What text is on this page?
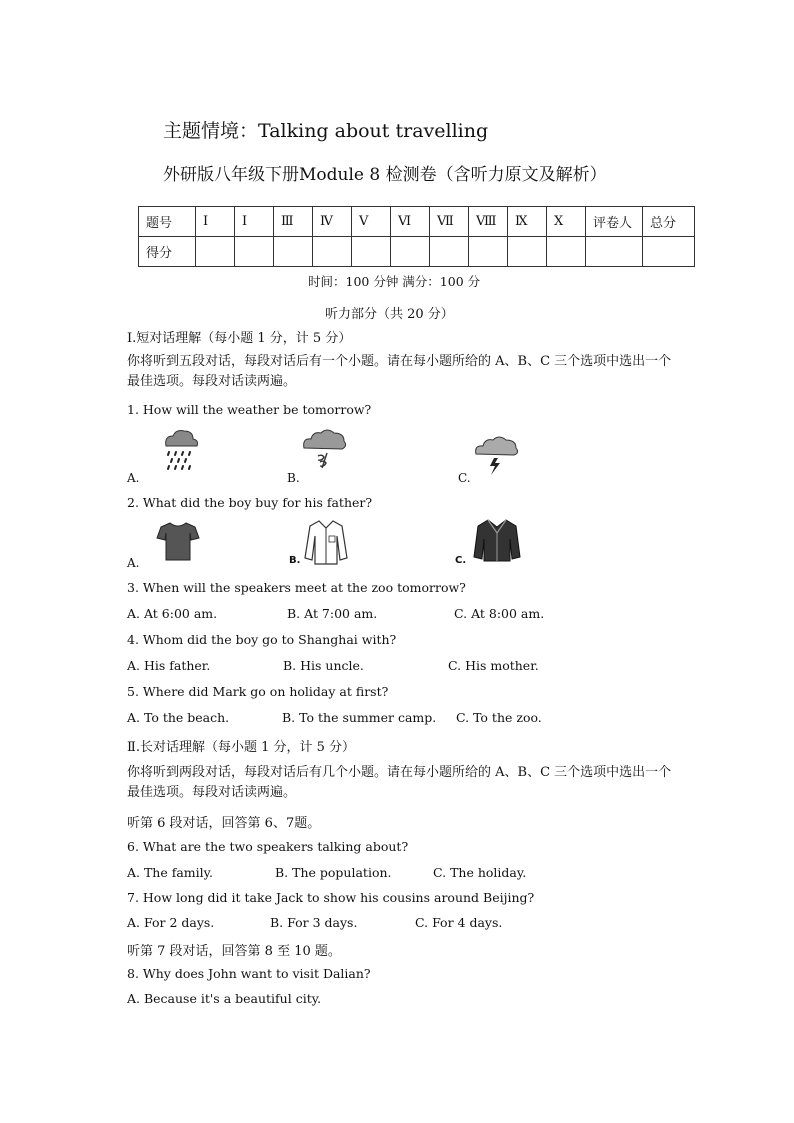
主题情境：Talking about travelling
外研版八年级下册Module 8 检测卷（含听力原文及解析）
题号	Ⅰ	Ⅰ	Ⅲ	Ⅳ	Ⅴ	Ⅵ	Ⅶ	Ⅷ	Ⅸ	Ⅹ	评卷人	总分
得分												
时间：100 分钟 满分：100 分
听力部分（共 20 分）
Ⅰ.短对话理解（每小题 1 分，计 5 分）
你将听到五段对话，每段对话后有一个小题。请在每小题所给的 A、B、C 三个选项中选出一个最佳选项。每段对话读两遍。
1. How will the weather be tomorrow?
A.	B.	C.
2. What did the boy buy for his father?
A.	B.	C.
3. When will the speakers meet at the zoo tomorrow?
A. At 6:00 am.	B. At 7:00 am.	C. At 8:00 am.
4. Whom did the boy go to Shanghai with?
A. His father.	B. His uncle.	C. His mother.
5. Where did Mark go on holiday at first?
A. To the beach.	B. To the summer camp. C. To the zoo.
Ⅱ.长对话理解（每小题 1 分，计 5 分）
你将听到两段对话，每段对话后有几个小题。请在每小题所给的 A、B、C 三个选项中选出一个最佳选项。每段对话读两遍。
听第 6 段对话，回答第 6、7题。
6. What are the two speakers talking about?
A. The family.	B. The population.	C. The holiday.
7. How long did it take Jack to show his cousins around Beijing?
A. For 2 days.	B. For 3 days.	C. For 4 days.
听第 7 段对话，回答第 8 至 10 题。
8. Why does John want to visit Dalian?
A. Because it's a beautiful city.
